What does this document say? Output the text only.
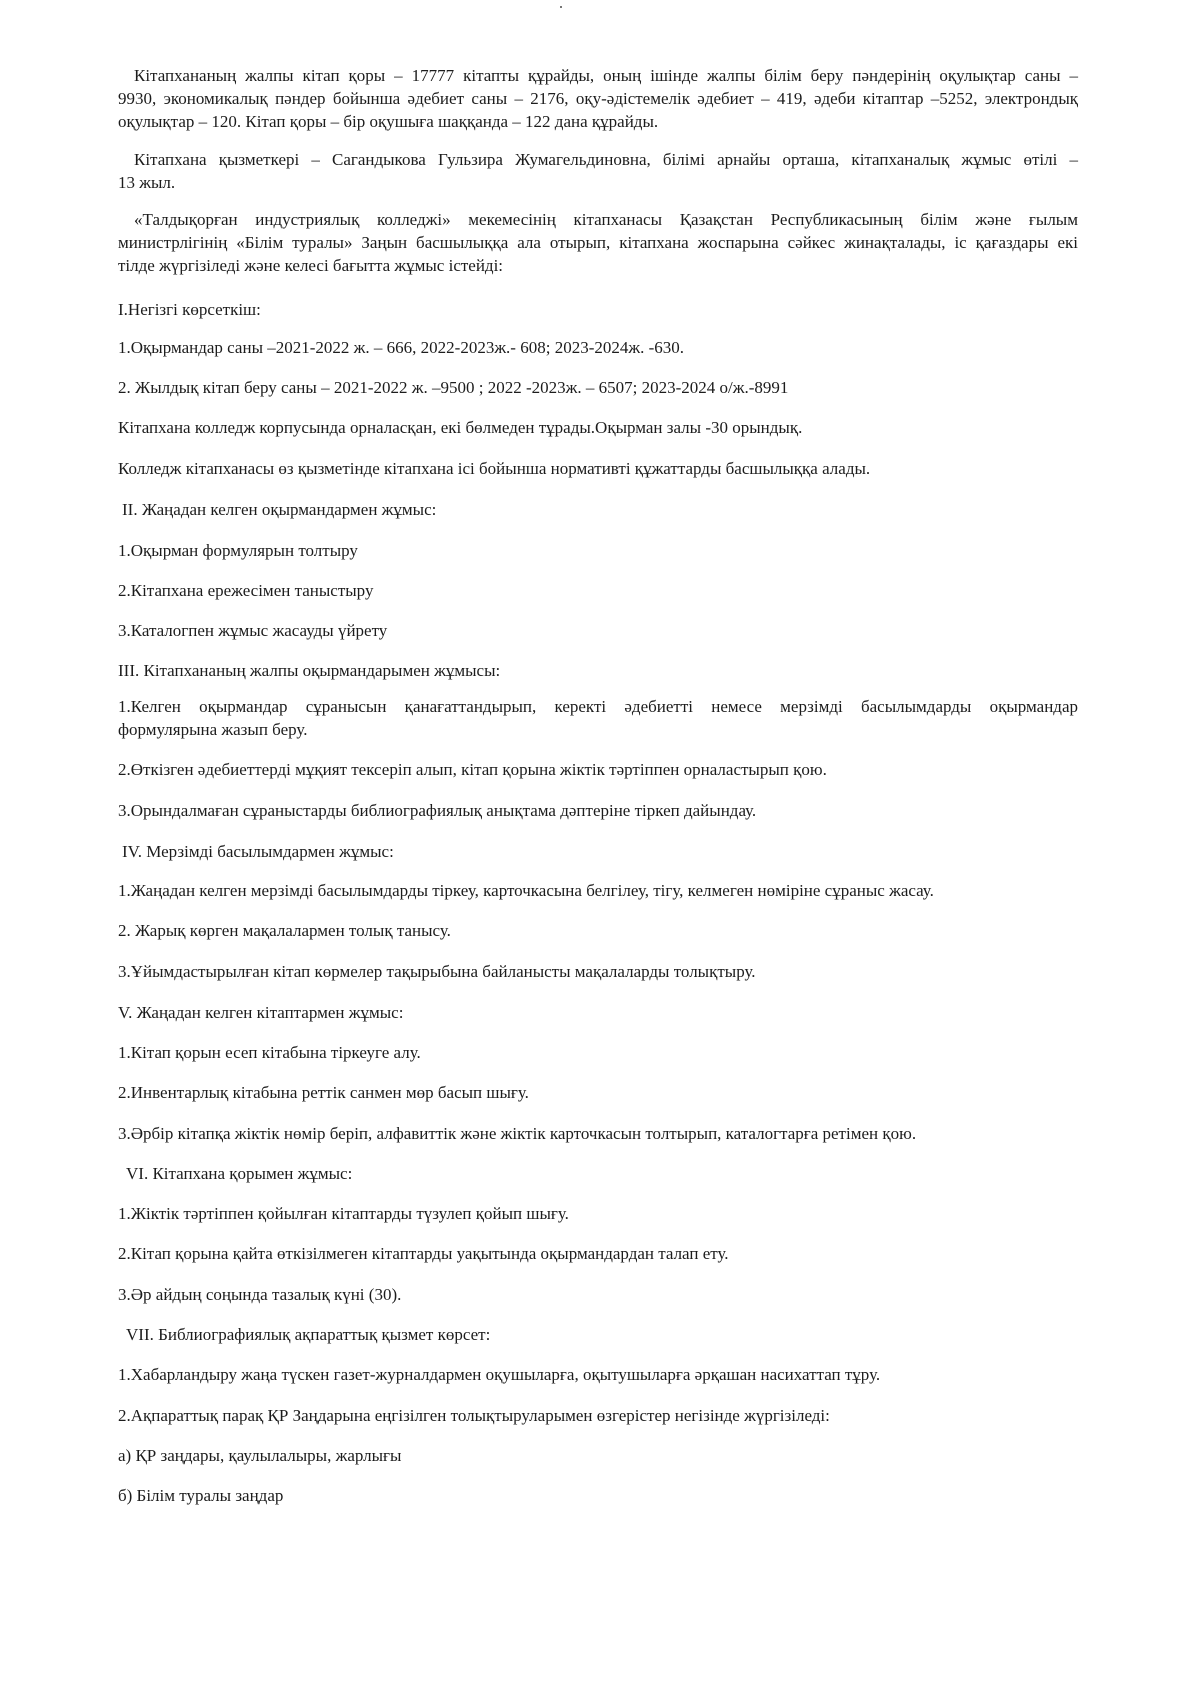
Кітапхананың жалпы кітап қоры – 17777 кітапты құрайды, оның ішінде жалпы білім беру пәндерінің оқулықтар саны –
9930, экономикалық пәндер бойынша әдебиет саны – 2176, оқу-әдістемелік әдебиет – 419, әдеби кітаптар –5252, электрондық
оқулықтар – 120. Кітап қоры – бір оқушыға шаққанда – 122 дана құрайды.
Кітапхана қызметкері – Сагандыкова Гульзира Жумагельдиновна, білімі арнайы орташа, кітапханалық жұмыс өтілі –
13 жыл.
«Талдықорған индустриялық колледжі» мекемесінің кітапханасы Қазақстан Республикасының білім және ғылым
министрлігінің «Білім туралы» Заңын басшылыққа ала отырып, кітапхана жоспарына сәйкес жинақталады, іс қағаздары екі
тілде жүргізіледі және келесі бағытта жұмыс істейді:
I.Негізгі көрсеткіш:
1.Оқырмандар саны –2021-2022 ж. – 666, 2022-2023ж.- 608; 2023-2024ж. -630.
2. Жылдық кітап беру саны – 2021-2022 ж. –9500 ; 2022 -2023ж. – 6507; 2023-2024 о/ж.-8991
Кітапхана колледж корпусында орналасқан, екі бөлмеден тұрады.Оқырман залы -30 орындық.
Колледж кітапханасы өз қызметінде кітапхана ісі бойынша нормативті құжаттарды басшылыққа алады.
II. Жаңадан келген оқырмандармен жұмыс:
1.Оқырман формулярын толтыру
2.Кітапхана ережесімен таныстыру
3.Каталогпен жұмыс жасауды үйрету
III. Кітапхананың жалпы оқырмандарымен жұмысы:
1.Келген оқырмандар сұранысын қанағаттандырып, керекті әдебиетті немесе мерзімді басылымдарды оқырмандар
формулярына жазып беру.
2.Өткізген әдебиеттерді мұқият тексеріп алып, кітап қорына жіктік тәртіппен орналастырып қою.
3.Орындалмаған сұраныстарды библиографиялық анықтама дәптеріне тіркеп дайындау.
IV. Мерзімді басылымдармен жұмыс:
1.Жаңадан келген мерзімді басылымдарды тіркеу, карточкасына белгілеу, тігу, келмеген нөміріне сұраныс жасау.
2. Жарық көрген мақалалармен толық танысу.
3.Ұйымдастырылған кітап көрмелер тақырыбына байланысты мақалаларды толықтыру.
V. Жаңадан келген кітаптармен жұмыс:
1.Кітап қорын есеп кітабына тіркеуге алу.
2.Инвентарлық кітабына реттік санмен мөр басып шығу.
3.Әрбір кітапқа жіктік нөмір беріп, алфавиттік және жіктік карточкасын толтырып, каталогтарға ретімен қою.
VI. Кітапхана қорымен жұмыс:
1.Жіктік тәртіппен қойылған кітаптарды түзулеп қойып шығу.
2.Кітап қорына қайта өткізілмеген кітаптарды уақытында оқырмандардан талап ету.
3.Әр айдың соңында тазалық күні (30).
VII. Библиографиялық ақпараттық қызмет көрсет:
1.Хабарландыру жаңа түскен газет-журналдармен оқушыларға, оқытушыларға әрқашан насихаттап тұру.
2.Ақпараттық парақ ҚР Заңдарына еңгізілген толықтыруларымен өзгерістер негізінде жүргізіледі:
а) ҚР заңдары, қаулылалыры, жарлығы
б) Білім туралы заңдар
